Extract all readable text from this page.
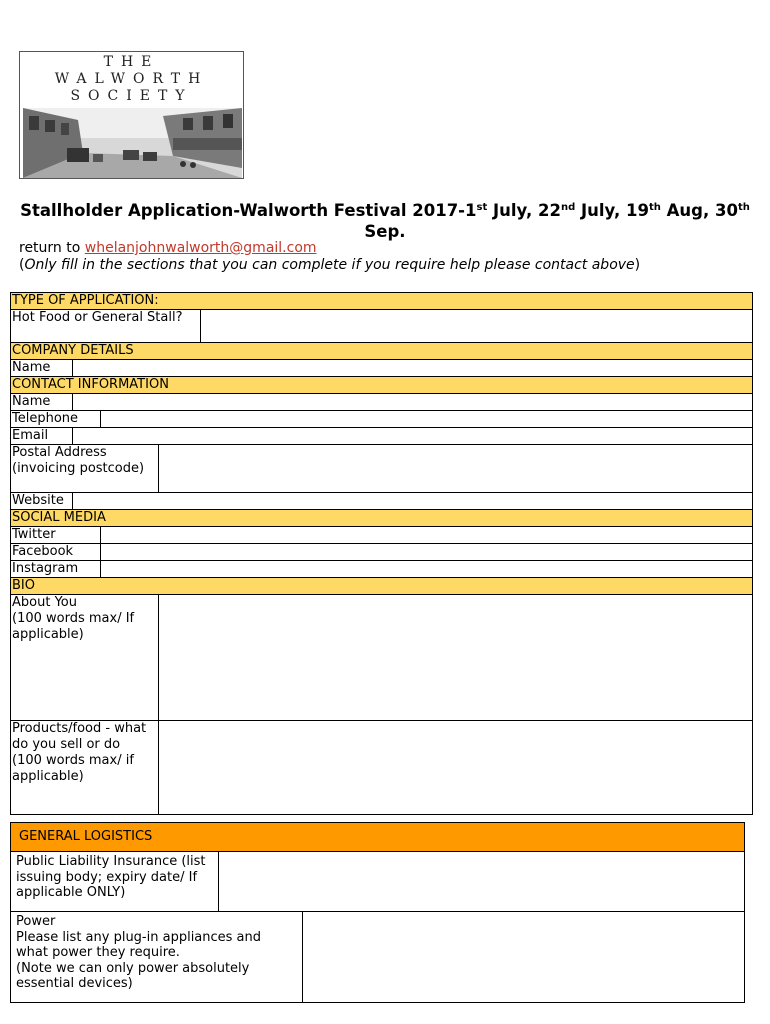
THE
WALWORTH
SOCIETY
Stallholder Application-Walworth Festival 2017-1st July, 22nd July, 19th Aug, 30th Sep.
return to whelanjohnwalworth@gmail.com
(Only fill in the sections that you can complete if you require help please contact above)
TYPE OF APPLICATION:				
Hot Food or General Stall?				
COMPANY DETAILS				
Name				
CONTACT INFORMATION				
Name				
Telephone				
Email				
Postal Address (invoicing postcode)				
Website				
SOCIAL MEDIA				
Twitter				
Facebook				
Instagram				
BIO				
About You
(100 words max/ If applicable)				
Products/food - what do you sell or do
(100 words max/ if applicable)				
GENERAL LOGISTICS		
Public Liability Insurance (list issuing body; expiry date/ If applicable ONLY)		
Power
Please list any plug-in appliances and what power they require.
(Note we can only power absolutely essential devices)		
